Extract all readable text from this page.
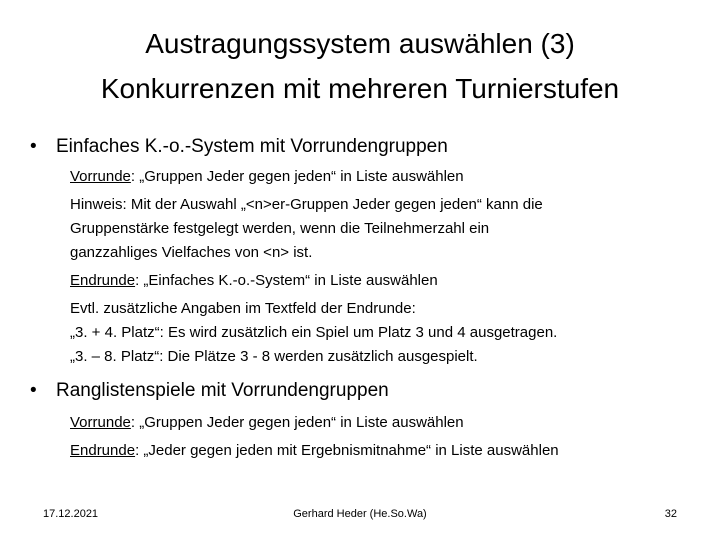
Austragungssystem auswählen (3)
Konkurrenzen mit mehreren Turnierstufen
• Einfaches K.-o.-System mit Vorrundengruppen
Vorrunde: „Gruppen Jeder gegen jeden“ in Liste auswählen
Hinweis: Mit der Auswahl „<n>er-Gruppen Jeder gegen jeden“ kann die
Gruppenstärke festgelegt werden, wenn die Teilnehmerzahl ein
ganzzahliges Vielfaches von <n> ist.
Endrunde: „Einfaches K.-o.-System“ in Liste auswählen
Evtl. zusätzliche Angaben im Textfeld der Endrunde:
„3. + 4. Platz“: Es wird zusätzlich ein Spiel um Platz 3 und 4 ausgetragen.
„3. – 8. Platz“: Die Plätze 3 - 8 werden zusätzlich ausgespielt.
• Ranglistenspiele mit Vorrundengruppen
Vorrunde: „Gruppen Jeder gegen jeden“ in Liste auswählen
Endrunde: „Jeder gegen jeden mit Ergebnismitnahme“ in Liste auswählen
17.12.2021	Gerhard Heder (He.So.Wa)	32
